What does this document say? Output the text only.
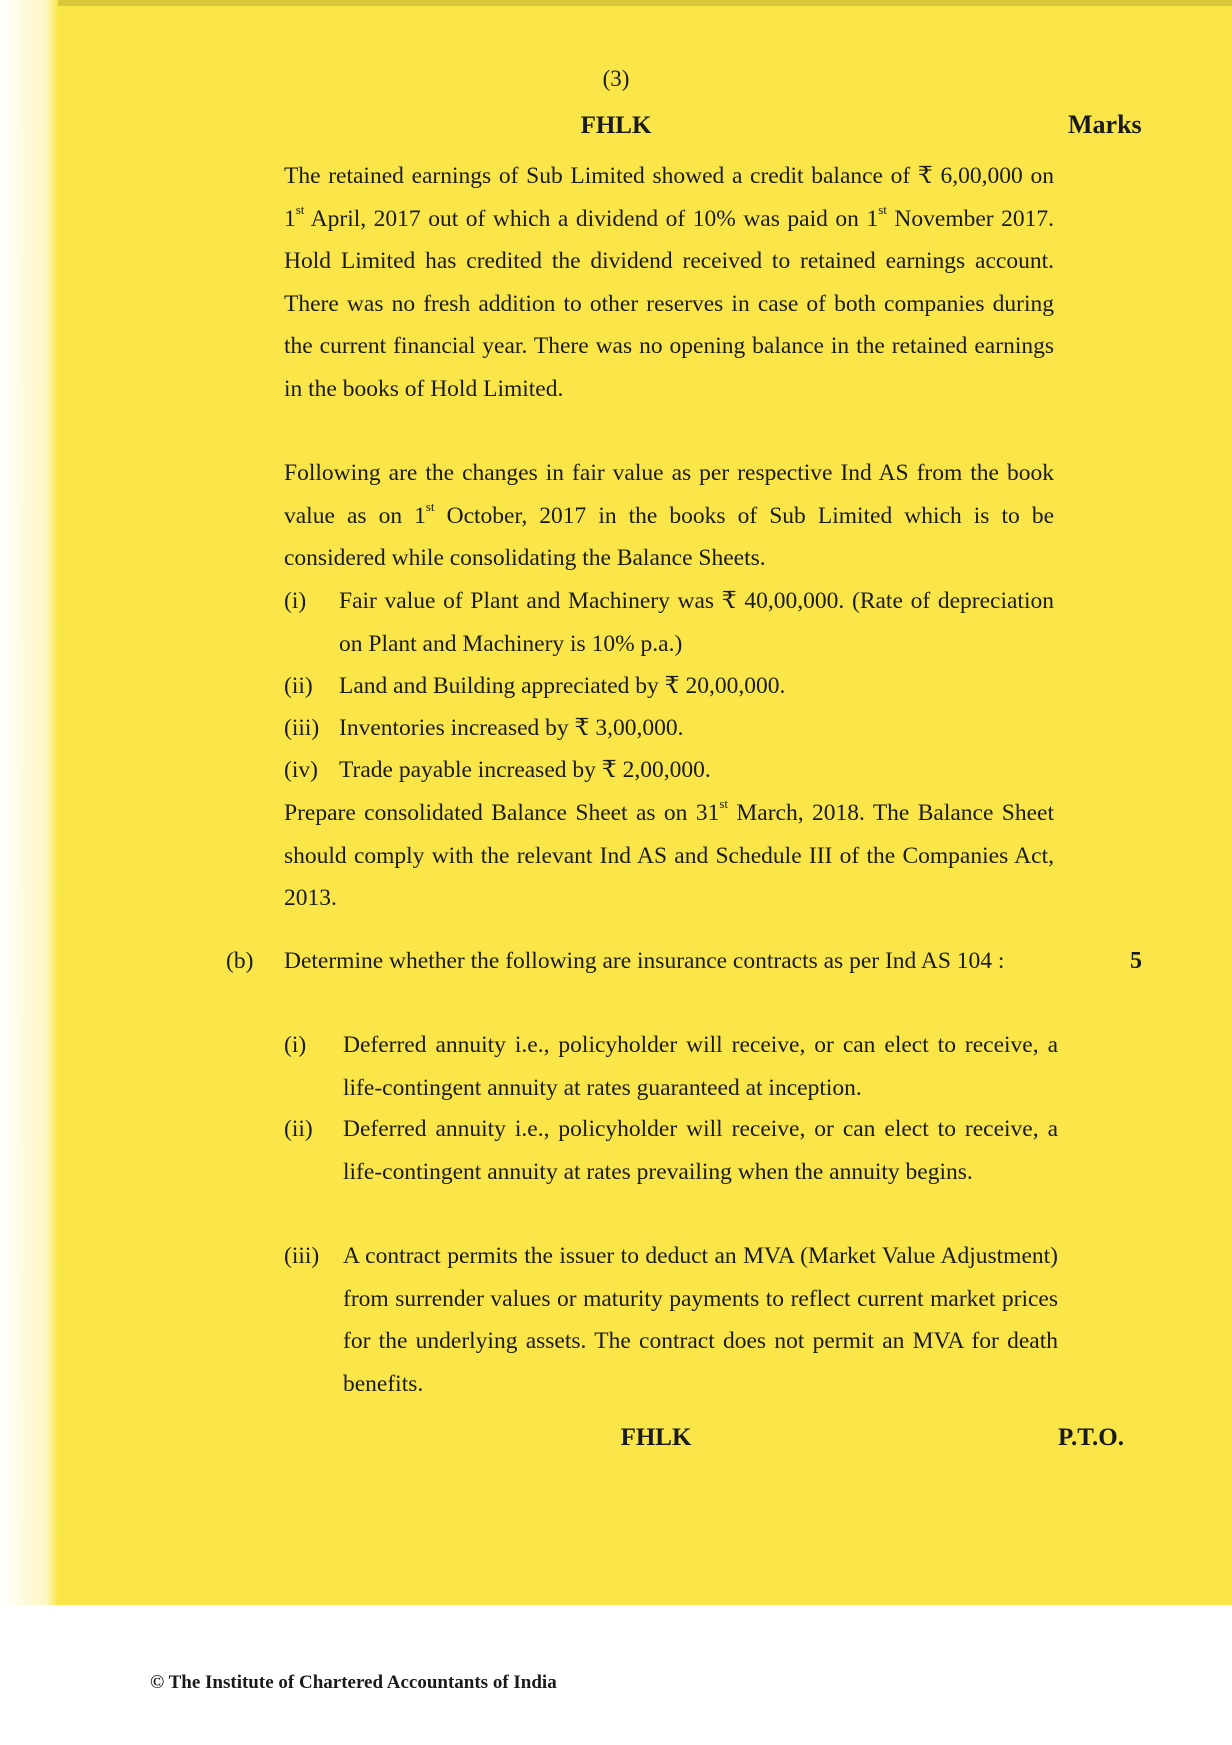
(3)

FHLK	Marks

The retained earnings of Sub Limited showed a credit balance of ₹ 6,00,000 on 1st April, 2017 out of which a dividend of 10% was paid on 1st November 2017. Hold Limited has credited the dividend received to retained earnings account. There was no fresh addition to other reserves in case of both companies during the current financial year. There was no opening balance in the retained earnings in the books of Hold Limited.

Following are the changes in fair value as per respective Ind AS from the book value as on 1st October, 2017 in the books of Sub Limited which is to be considered while consolidating the Balance Sheets.

(i) Fair value of Plant and Machinery was ₹ 40,00,000. (Rate of depreciation on Plant and Machinery is 10% p.a.)
(ii) Land and Building appreciated by ₹ 20,00,000.
(iii) Inventories increased by ₹ 3,00,000.
(iv) Trade payable increased by ₹ 2,00,000.

Prepare consolidated Balance Sheet as on 31st March, 2018. The Balance Sheet should comply with the relevant Ind AS and Schedule III of the Companies Act, 2013.

(b)	5

Determine whether the following are insurance contracts as per Ind AS 104 :

(i) Deferred annuity i.e., policyholder will receive, or can elect to receive, a life-contingent annuity at rates guaranteed at inception.
(ii) Deferred annuity i.e., policyholder will receive, or can elect to receive, a life-contingent annuity at rates prevailing when the annuity begins.
(iii) A contract permits the issuer to deduct an MVA (Market Value Adjustment) from surrender values or maturity payments to reflect current market prices for the underlying assets. The contract does not permit an MVA for death benefits.

FHLK	P.T.O.

© The Institute of Chartered Accountants of India
